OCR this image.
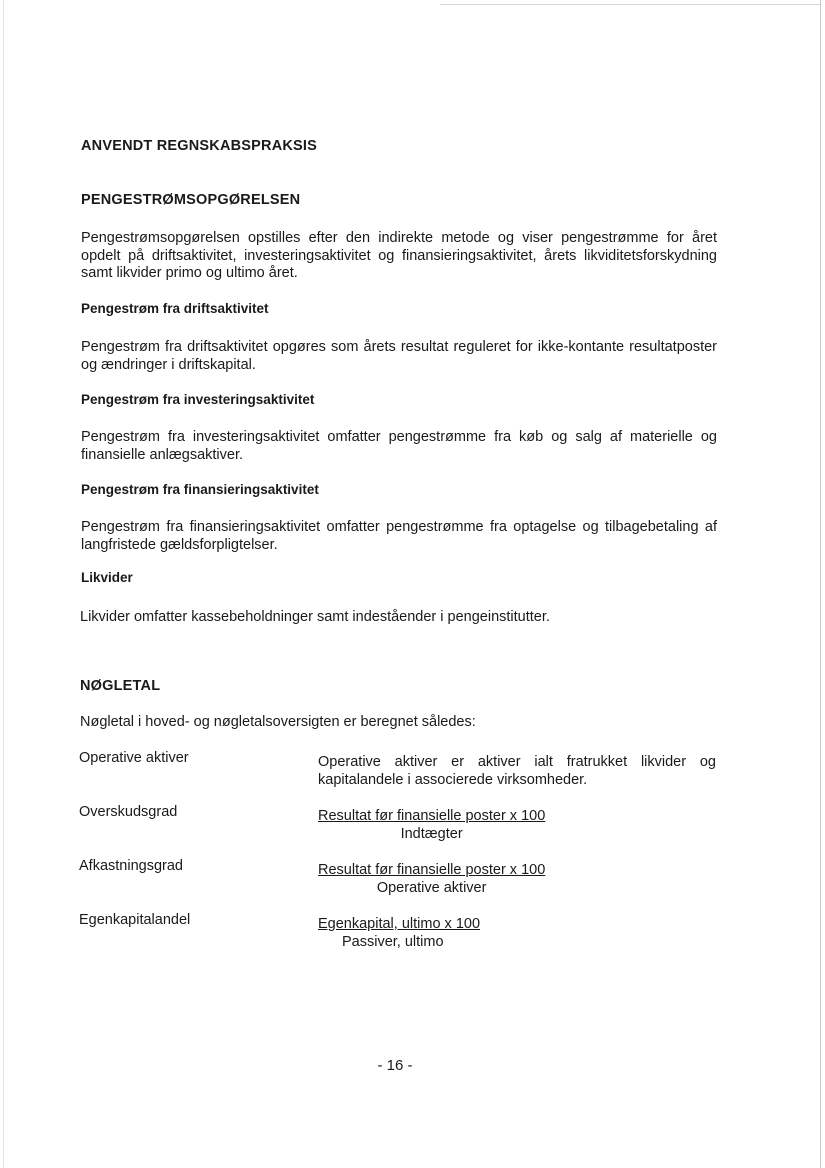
ANVENDT REGNSKABSPRAKSIS
PENGESTRØMSOPGØRELSEN

Pengestrømsopgørelsen opstilles efter den indirekte metode og viser pengestrømme for året opdelt på driftsaktivitet, investeringsaktivitet og finansieringsaktivitet, årets likviditetsforskydning samt likvider primo og ultimo året.

Pengestrøm fra driftsaktivitet

Pengestrøm fra driftsaktivitet opgøres som årets resultat reguleret for ikke-kontante resultatposter og ændringer i driftskapital.

Pengestrøm fra investeringsaktivitet

Pengestrøm fra investeringsaktivitet omfatter pengestrømme fra køb og salg af materielle og finansielle anlægsaktiver.

Pengestrøm fra finansieringsaktivitet

Pengestrøm fra finansieringsaktivitet omfatter pengestrømme fra optagelse og tilbagebetaling af langfristede gældsforpligtelser.

Likvider

Likvider omfatter kassebeholdninger samt indeståender i pengeinstitutter.

NØGLETAL

Nøgletal i hoved- og nøgletalsoversigten er beregnet således:

Operative aktiver	Operative aktiver er aktiver ialt fratrukket likvider og kapitalandele i associerede virksomheder.
Overskudsgrad	Resultat før finansielle poster x 100
Indtægter
Afkastningsgrad	Resultat før finansielle poster x 100
Operative aktiver
Egenkapitalandel	Egenkapital, ultimo x 100
Passiver, ultimo
- 16 -
